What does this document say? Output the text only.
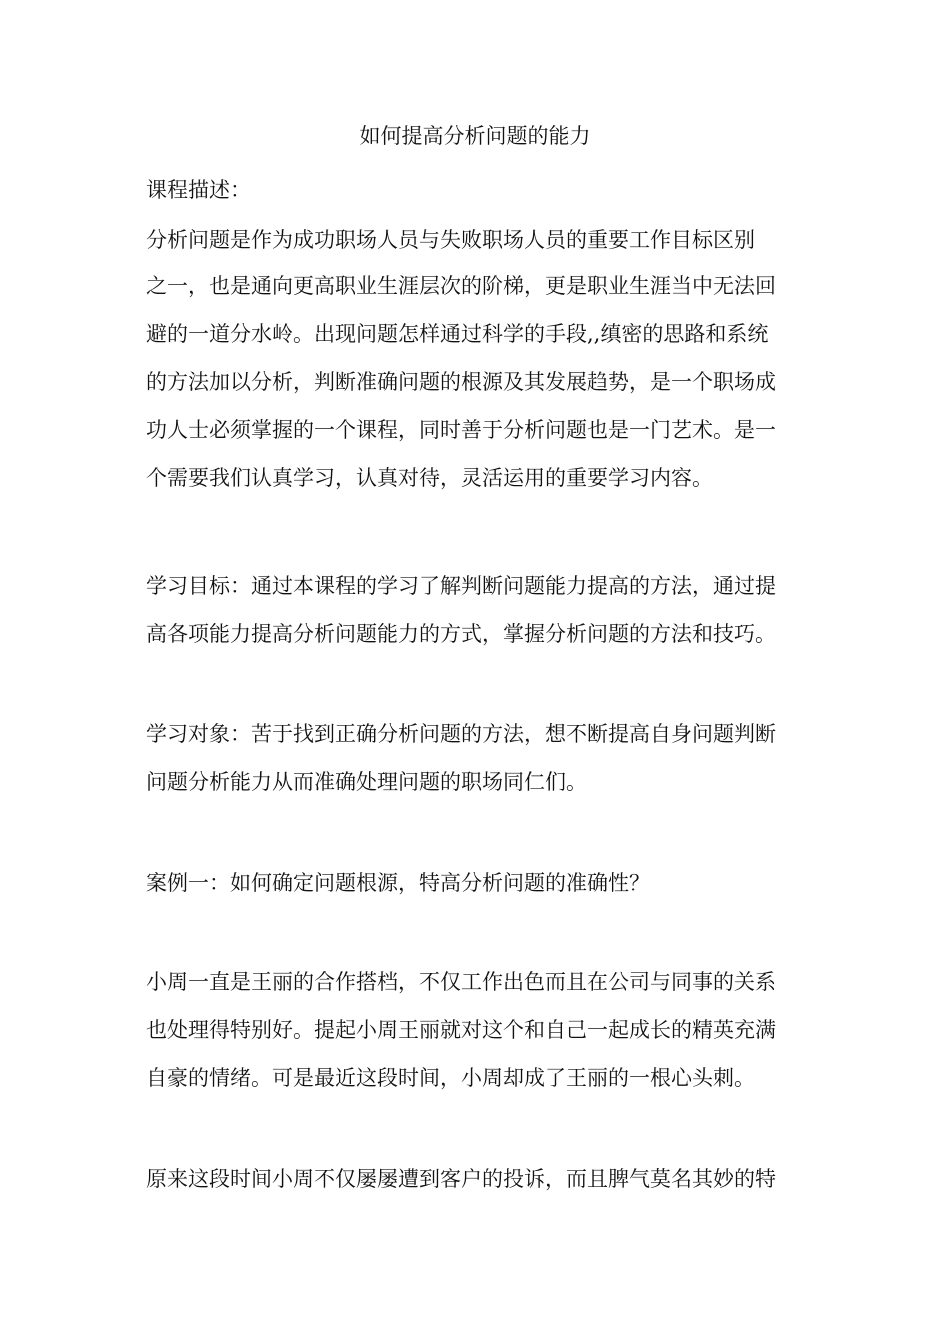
如何提高分析问题的能力

课程描述：

分析问题是作为成功职场人员与失败职场人员的重要工作目标区别

之一，也是通向更高职业生涯层次的阶梯，更是职业生涯当中无法回

避的一道分水岭。出现问题怎样通过科学的手段,,缜密的思路和系统

的方法加以分析，判断准确问题的根源及其发展趋势，是一个职场成

功人士必须掌握的一个课程，同时善于分析问题也是一门艺术。是一

个需要我们认真学习，认真对待，灵活运用的重要学习内容。

学习目标：通过本课程的学习了解判断问题能力提高的方法，通过提

高各项能力提高分析问题能力的方式，掌握分析问题的方法和技巧。

学习对象：苦于找到正确分析问题的方法，想不断提高自身问题判断

问题分析能力从而准确处理问题的职场同仁们。

案例一：如何确定问题根源，特高分析问题的准确性？

小周一直是王丽的合作搭档，不仅工作出色而且在公司与同事的关系

也处理得特别好。提起小周王丽就对这个和自己一起成长的精英充满

自豪的情绪。可是最近这段时间，小周却成了王丽的一根心头刺。

原来这段时间小周不仅屡屡遭到客户的投诉，而且脾气莫名其妙的特
